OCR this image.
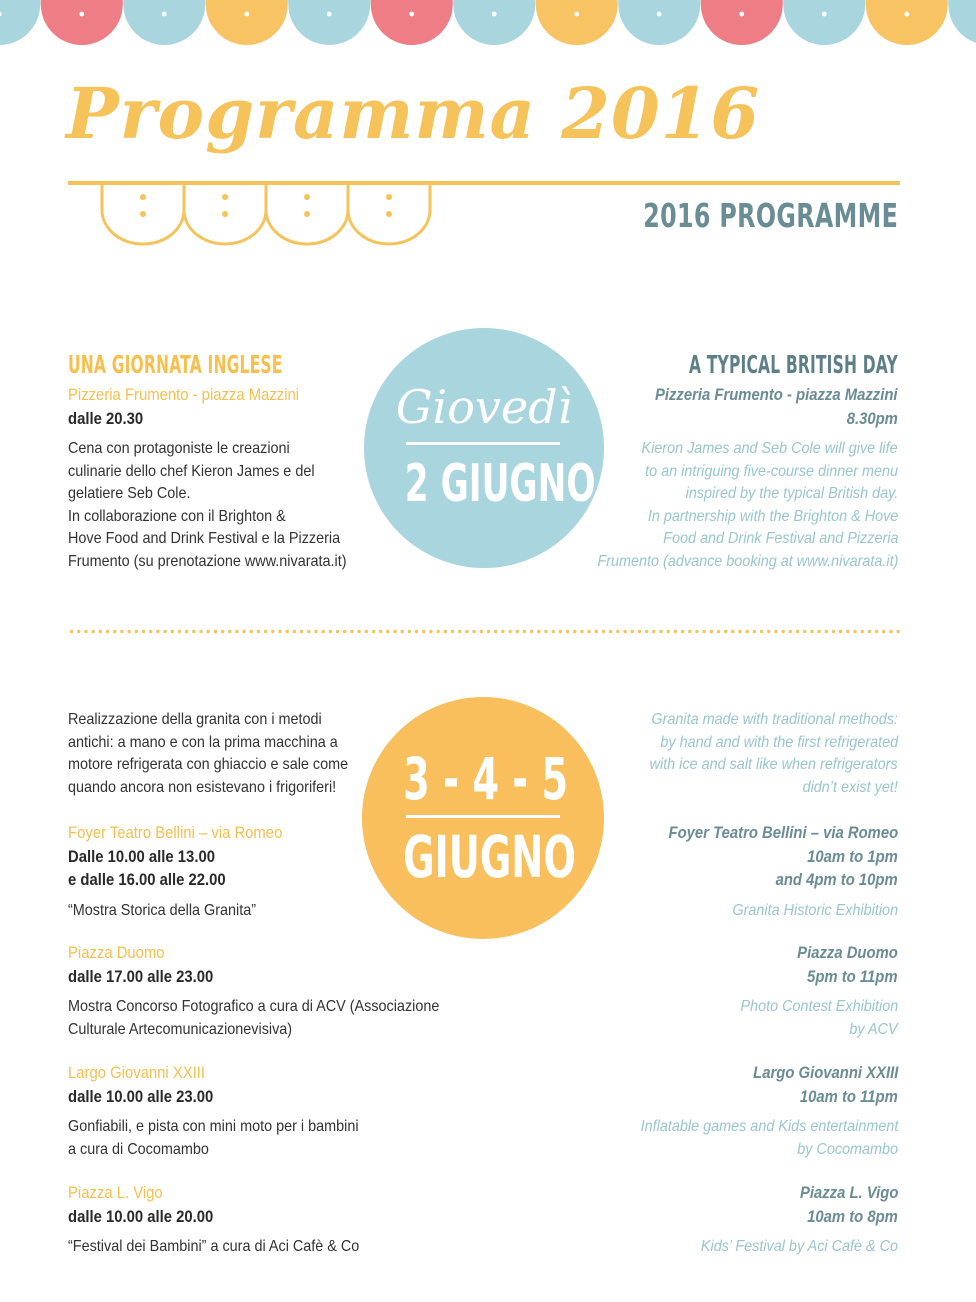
Programma 2016
2016 PROGRAMME
Giovedì
2 GIUGNO
UNA GIORNATA INGLESE
Pizzeria Frumento - piazza Mazzini
dalle 20.30
Cena con protagoniste le creazioni
culinarie dello chef Kieron James e del
gelatiere Seb Cole.
In collaborazione con il Brighton &
Hove Food and Drink Festival e la Pizzeria
Frumento (su prenotazione www.nivarata.it)
A TYPICAL BRITISH DAY
Pizzeria Frumento - piazza Mazzini
8.30pm
Kieron James and Seb Cole will give life
to an intriguing five-course dinner menu
inspired by the typical British day.
In partnership with the Brighton & Hove
Food and Drink Festival and Pizzeria
Frumento (advance booking at www.nivarata.it)
3 - 4 - 5
GIUGNO
Realizzazione della granita con i metodi
antichi: a mano e con la prima macchina a
motore refrigerata con ghiaccio e sale come
quando ancora non esistevano i frigoriferi!
Foyer Teatro Bellini – via Romeo
Dalle 10.00 alle 13.00
e dalle 16.00 alle 22.00
“Mostra Storica della Granita”
Piazza Duomo
dalle 17.00 alle 23.00
Mostra Concorso Fotografico a cura di ACV (Associazione
Culturale Artecomunicazionevisiva)
Largo Giovanni XXIII
dalle 10.00 alle 23.00
Gonfiabili, e pista con mini moto per i bambini
a cura di Cocomambo
Piazza L. Vigo
dalle 10.00 alle 20.00
“Festival dei Bambini” a cura di Aci Cafè & Co
Granita made with traditional methods:
by hand and with the first refrigerated
with ice and salt like when refrigerators
didn’t exist yet!
Foyer Teatro Bellini – via Romeo
10am to 1pm
and 4pm to 10pm
Granita Historic Exhibition
Piazza Duomo
5pm to 11pm
Photo Contest Exhibition
by ACV
Largo Giovanni XXIII
10am to 11pm
Inflatable games and Kids entertainment
by Cocomambo
Piazza L. Vigo
10am to 8pm
Kids’ Festival by Aci Cafè & Co
